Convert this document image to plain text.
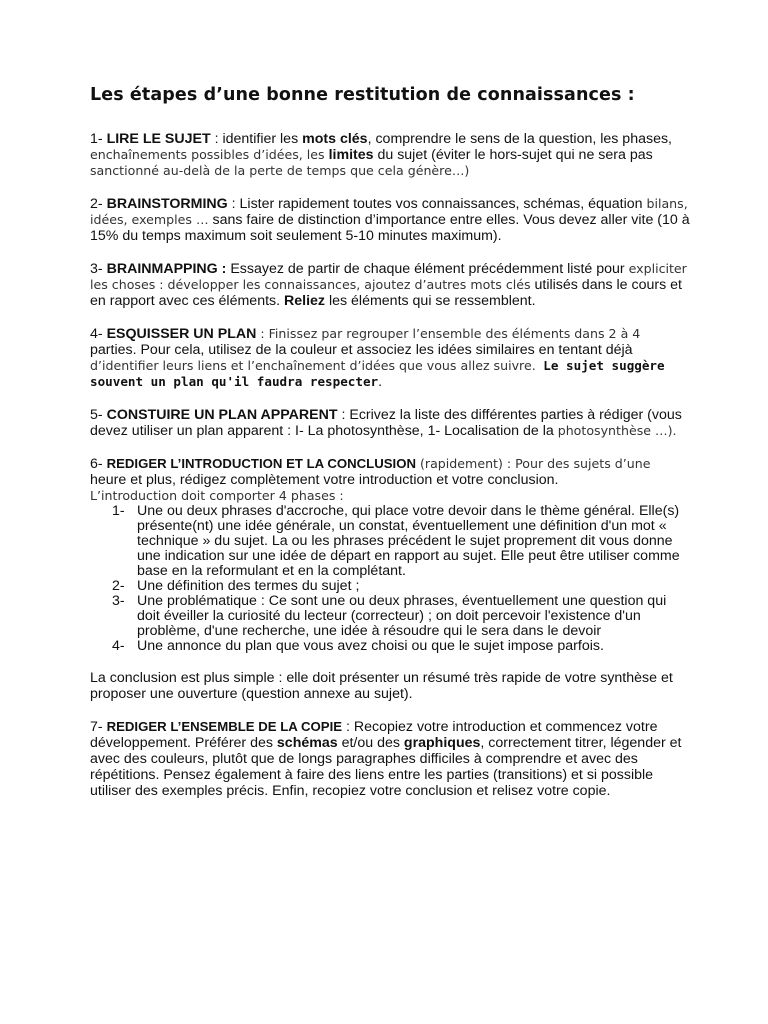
Les étapes d’une bonne restitution de connaissances :

1- LIRE LE SUJET : identifier les mots clés, comprendre le sens de la question, les phases, enchaînements possibles d’idées, les limites du sujet (éviter le hors-sujet qui ne sera pas sanctionné au-delà de la perte de temps que cela génère…)

2- BRAINSTORMING : Lister rapidement toutes vos connaissances, schémas, équation bilans, idées, exemples … sans faire de distinction d’importance entre elles. Vous devez aller vite (10 à 15% du temps maximum soit seulement 5-10 minutes maximum).

3- BRAINMAPPING : Essayez de partir de chaque élément précédemment listé pour expliciter les choses : développer les connaissances, ajoutez d’autres mots clés utilisés dans le cours et en rapport avec ces éléments. Reliez les éléments qui se ressemblent.

4- ESQUISSER UN PLAN : Finissez par regrouper l’ensemble des éléments dans 2 à 4 parties. Pour cela, utilisez de la couleur et associez les idées similaires en tentant déjà d’identifier leurs liens et l’enchaînement d’idées que vous allez suivre. Le sujet suggère souvent un plan qu'il faudra respecter.

5- CONSTUIRE UN PLAN APPARENT : Ecrivez la liste des différentes parties à rédiger (vous devez utiliser un plan apparent : I- La photosynthèse, 1- Localisation de la photosynthèse …).

6- REDIGER L’INTRODUCTION ET LA CONCLUSION (rapidement) : Pour des sujets d’une heure et plus, rédigez complètement votre introduction et votre conclusion.
L’introduction doit comporter 4 phases :
1- Une ou deux phrases d'accroche, qui place votre devoir dans le thème général. Elle(s) présente(nt) une idée générale, un constat, éventuellement une définition d'un mot « technique » du sujet. La ou les phrases précédent le sujet proprement dit vous donne une indication sur une idée de départ en rapport au sujet. Elle peut être utiliser comme base en la reformulant et en la complétant.
2- Une définition des termes du sujet ;
3- Une problématique : Ce sont une ou deux phrases, éventuellement une question qui doit éveiller la curiosité du lecteur (correcteur) ; on doit percevoir l'existence d'un problème, d'une recherche, une idée à résoudre qui le sera dans le devoir
4- Une annonce du plan que vous avez choisi ou que le sujet impose parfois.

La conclusion est plus simple : elle doit présenter un résumé très rapide de votre synthèse et proposer une ouverture (question annexe au sujet).

7- REDIGER L’ENSEMBLE DE LA COPIE : Recopiez votre introduction et commencez votre développement. Préférer des schémas et/ou des graphiques, correctement titrer, légender et avec des couleurs, plutôt que de longs paragraphes difficiles à comprendre et avec des répétitions. Pensez également à faire des liens entre les parties (transitions) et si possible utiliser des exemples précis. Enfin, recopiez votre conclusion et relisez votre copie.
